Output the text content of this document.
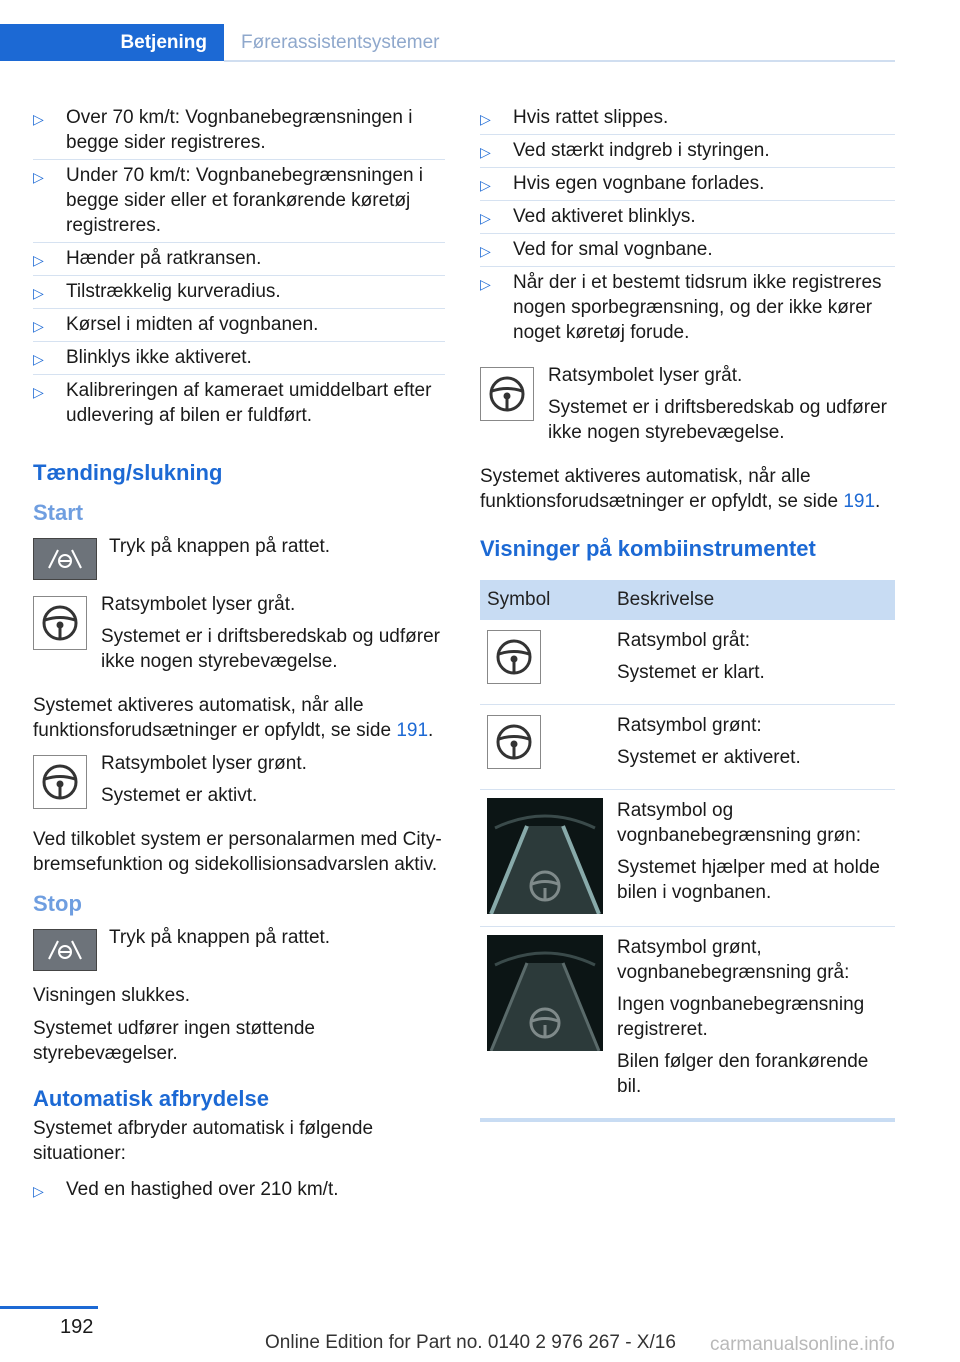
Betjening	Førerassistentsystemer
▷ Over 70 km/t: Vognbanebegrænsningen i begge sider registreres.
▷ Under 70 km/t: Vognbanebegrænsningen i begge sider eller et forankørende køretøj registreres.
▷ Hænder på ratkransen.
▷ Tilstrækkelig kurveradius.
▷ Kørsel i midten af vognbanen.
▷ Blinklys ikke aktiveret.
▷ Kalibreringen af kameraet umiddelbart efter udlevering af bilen er fuldført.
Tænding/slukning
Start
Tryk på knappen på rattet.

Ratsymbolet lyser gråt.

Systemet er i driftsberedskab og udfører ikke nogen styrebevægelse.

Systemet aktiveres automatisk, når alle funktionsforudsætninger er opfyldt, se side 191.

Ratsymbolet lyser grønt.

Systemet er aktivt.

Ved tilkoblet system er personalarmen med City-bremsefunktion og sidekollisionsadvarslen aktiv.

Stop
Tryk på knappen på rattet.

Visningen slukkes.

Systemet udfører ingen støttende styrebevægelser.

Automatisk afbrydelse

Systemet afbryder automatisk i følgende situationer:

▷ Ved en hastighed over 210 km/t.
▷ Hvis rattet slippes.
▷ Ved stærkt indgreb i styringen.
▷ Hvis egen vognbane forlades.
▷ Ved aktiveret blinklys.
▷ Ved for smal vognbane.
▷ Når der i et bestemt tidsrum ikke registreres nogen sporbegrænsning, og der ikke kører noget køretøj forude.

Ratsymbolet lyser gråt.

Systemet er i driftsberedskab og udfører ikke nogen styrebevægelse.

Systemet aktiveres automatisk, når alle funktionsforudsætninger er opfyldt, se side 191.

Visninger på kombiinstrumentet
Symbol	Beskrivelse

Ratsymbol gråt:

Systemet er klart.

Ratsymbol grønt:

Systemet er aktiveret.

Ratsymbol og vognbanebegrænsning grøn:

Systemet hjælper med at holde bilen i vognbanen.

Ratsymbol grønt, vognbanebegrænsning grå:

Ingen vognbanebegrænsning registreret.

Bilen følger den forankørende bil.

192
Online Edition for Part no. 0140 2 976 267 - X/16 carmanualsonline.info
